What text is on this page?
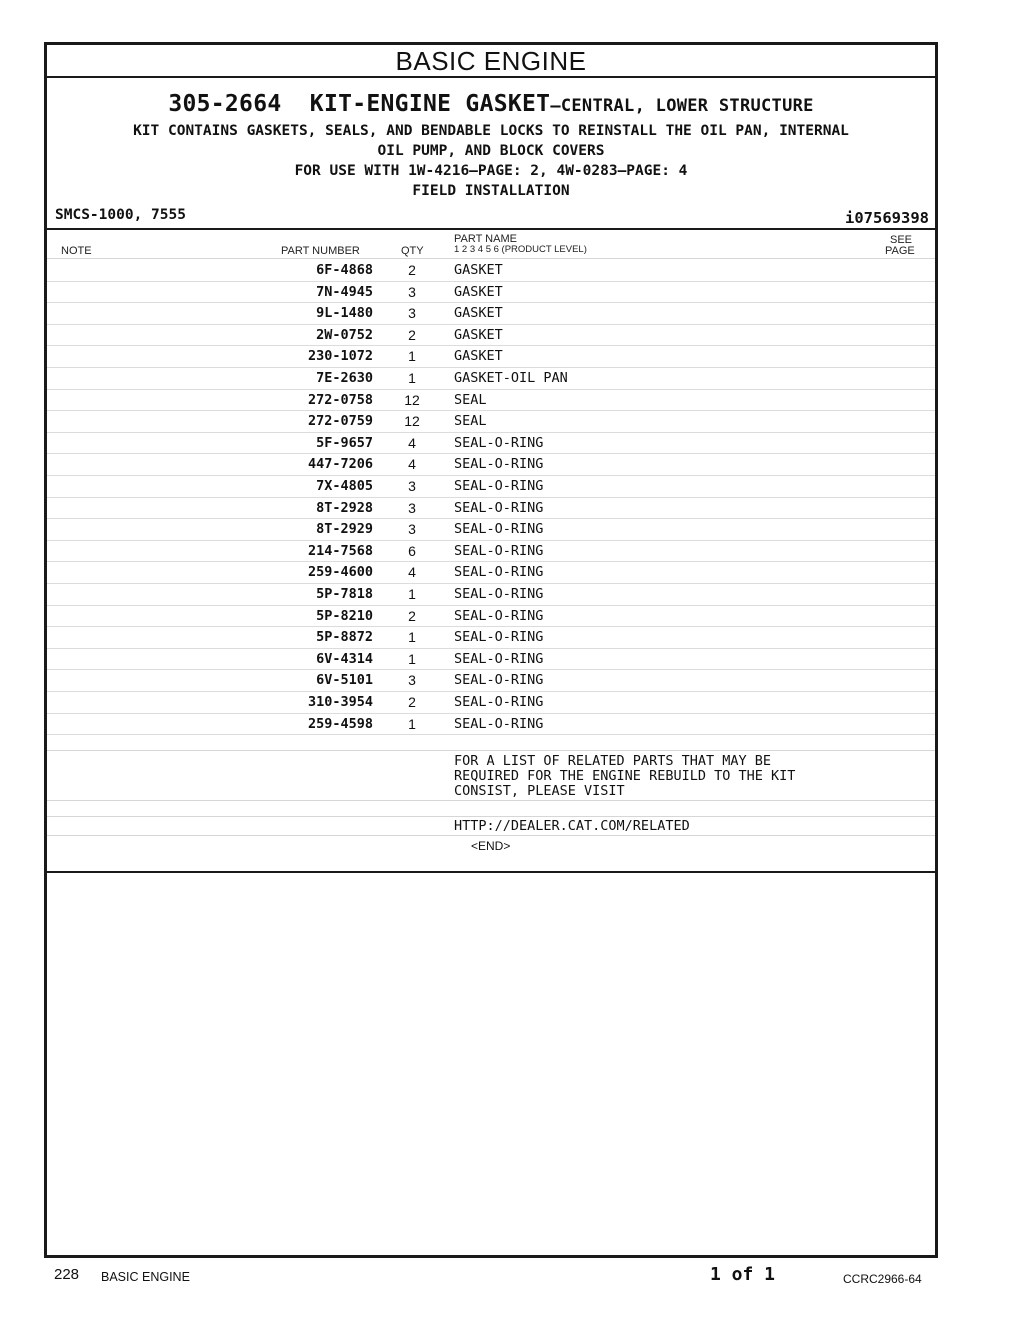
BASIC ENGINE
305-2664 KIT-ENGINE GASKET—CENTRAL, LOWER STRUCTURE
KIT CONTAINS GASKETS, SEALS, AND BENDABLE LOCKS TO REINSTALL THE OIL PAN, INTERNAL
OIL PUMP, AND BLOCK COVERS
FOR USE WITH 1W-4216—PAGE: 2, 4W-0283—PAGE: 4
FIELD INSTALLATION
SMCS-1000, 7555	i07569398
NOTE	PART NUMBER	QTY
PART NAME
1 2 3 4 5 6 (PRODUCT LEVEL)
SEE
PAGE
6F-4868	2	GASKET
7N-4945	3	GASKET
9L-1480	3	GASKET
2W-0752	2	GASKET
230-1072	1	GASKET
7E-2630	1	GASKET-OIL PAN
272-0758	12	SEAL
272-0759	12	SEAL
5F-9657	4	SEAL-O-RING
447-7206	4	SEAL-O-RING
7X-4805	3	SEAL-O-RING
8T-2928	3	SEAL-O-RING
8T-2929	3	SEAL-O-RING
214-7568	6	SEAL-O-RING
259-4600	4	SEAL-O-RING
5P-7818	1	SEAL-O-RING
5P-8210	2	SEAL-O-RING
5P-8872	1	SEAL-O-RING
6V-4314	1	SEAL-O-RING
6V-5101	3	SEAL-O-RING
310-3954	2	SEAL-O-RING
259-4598	1	SEAL-O-RING
FOR A LIST OF RELATED PARTS THAT MAY BE
REQUIRED FOR THE ENGINE REBUILD TO THE KIT
CONSIST, PLEASE VISIT
HTTP://DEALER.CAT.COM/RELATED
<END>
228 BASIC ENGINE	1 of 1	CCRC2966-64
